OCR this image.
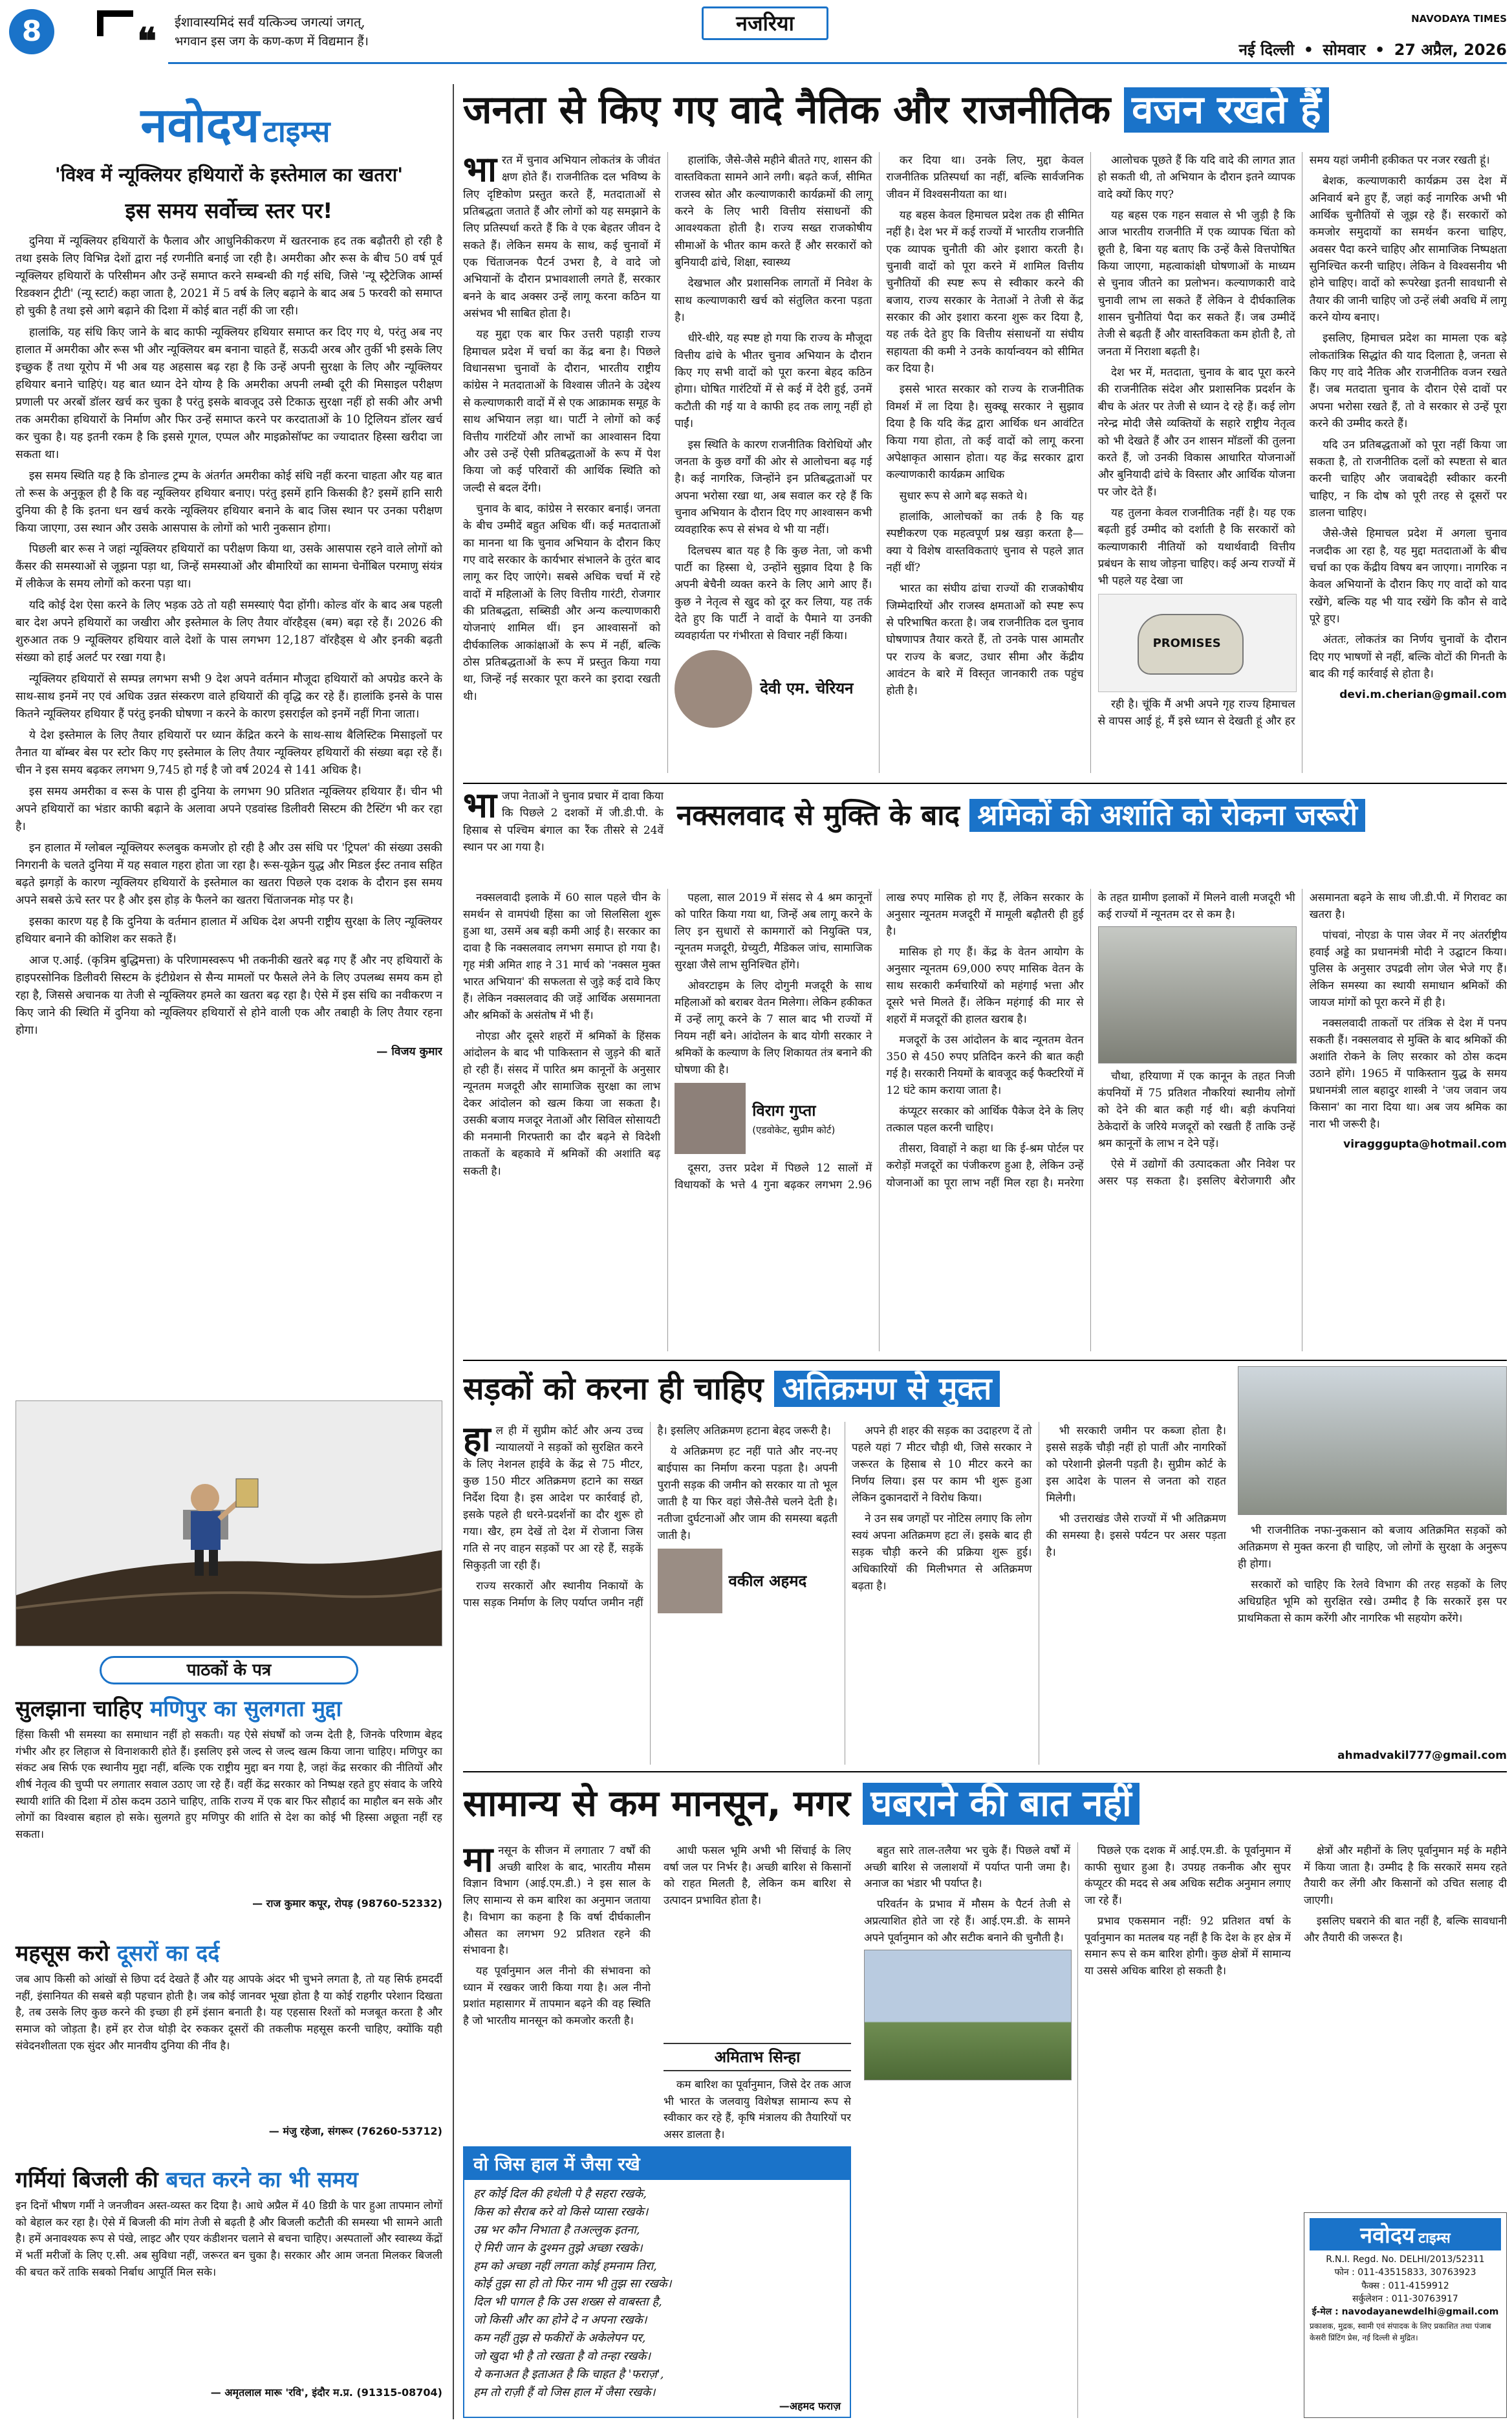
8	❝ ईशावास्यमिदं सर्वं यत्किञ्च जगत्यां जगत्,
भगवान इस जग के कण-कण में विद्यमान हैं।
नजरिया	NAVODAYA TIMES
नई दिल्ली • सोमवार • 27 अप्रैल, 2026
नवोदय टाइम्स
'विश्व में न्यूक्लियर हथियारों के इस्तेमाल का खतरा'
इस समय सर्वोच्च स्तर पर!

दुनिया में न्यूक्लियर हथियारों के फैलाव और आधुनिकीकरण में खतरनाक हद तक बढ़ौतरी हो रही है तथा इसके लिए विभिन्न देशों द्वारा नई रणनीति बनाई जा रही है। अमरीका और रूस के बीच 50 वर्ष पूर्व न्यूक्लियर हथियारों के परिसीमन और उन्हें समाप्त करने सम्बन्धी की गई संधि, जिसे 'न्यू स्ट्रैटेजिक आर्म्स रिडक्शन ट्रीटी' (न्यू स्टार्ट) कहा जाता है, 2021 में 5 वर्ष के लिए बढ़ाने के बाद अब 5 फरवरी को समाप्त हो चुकी है तथा इसे आगे बढ़ाने की दिशा में कोई बात नहीं की जा रही।

हालांकि, यह संधि किए जाने के बाद काफी न्यूक्लियर हथियार समाप्त कर दिए गए थे, परंतु अब नए हालात में अमरीका और रूस भी और न्यूक्लियर बम बनाना चाहते हैं, सऊदी अरब और तुर्की भी इसके लिए इच्छुक हैं तथा यूरोप में भी अब यह अहसास बढ़ रहा है कि उन्हें अपनी सुरक्षा के लिए और न्यूक्लियर हथियार बनाने चाहिएं। यह बात ध्यान देने योग्य है कि अमरीका अपनी लम्बी दूरी की मिसाइल परीक्षण प्रणाली पर अरबों डॉलर खर्च कर चुका है परंतु इसके बावजूद उसे टिकाऊ सुरक्षा नहीं हो सकी और अभी तक अमरीका हथियारों के निर्माण और फिर उन्हें समाप्त करने पर करदाताओं के 10 ट्रिलियन डॉलर खर्च कर चुका है। यह इतनी रकम है कि इससे गूगल, एप्पल और माइक्रोसॉफ्ट का ज्यादातर हिस्सा खरीदा जा सकता था।

इस समय स्थिति यह है कि डोनाल्ड ट्रम्प के अंतर्गत अमरीका कोई संधि नहीं करना चाहता और यह बात तो रूस के अनुकूल ही है कि वह न्यूक्लियर हथियार बनाए। परंतु इसमें हानि किसकी है? इसमें हानि सारी दुनिया की है कि इतना धन खर्च करके न्यूक्लियर हथियार बनाने के बाद जिस स्थान पर उनका परीक्षण किया जाएगा, उस स्थान और उसके आसपास के लोगों को भारी नुकसान होगा।

पिछली बार रूस ने जहां न्यूक्लियर हथियारों का परीक्षण किया था, उसके आसपास रहने वाले लोगों को कैंसर की समस्याओं से जूझना पड़ा था, जिन्हें समस्याओं और बीमारियों का सामना चेर्नोबिल परमाणु संयंत्र में लीकेज के समय लोगों को करना पड़ा था।

यदि कोई देश ऐसा करने के लिए भड़क उठे तो यही समस्याएं पैदा होंगी। कोल्ड वॉर के बाद अब पहली बार देश अपने हथियारों का जखीरा और इस्तेमाल के लिए तैयार वॉरहैड्स (बम) बढ़ा रहे हैं। 2026 की शुरुआत तक 9 न्यूक्लियर हथियार वाले देशों के पास लगभग 12,187 वॉरहैड्स थे और इनकी बढ़ती संख्या को हाई अलर्ट पर रखा गया है।

न्यूक्लियर हथियारों से सम्पन्न लगभग सभी 9 देश अपने वर्तमान मौजूदा हथियारों को अपग्रेड करने के साथ-साथ इनमें नए एवं अधिक उन्नत संस्करण वाले हथियारों की वृद्धि कर रहे हैं। हालांकि इनसे के पास कितने न्यूक्लियर हथियार हैं परंतु इनकी घोषणा न करने के कारण इसराईल को इनमें नहीं गिना जाता।

ये देश इस्तेमाल के लिए तैयार हथियारों पर ध्यान केंद्रित करने के साथ-साथ बैलिस्टिक मिसाइलों पर तैनात या बॉम्बर बेस पर स्टोर किए गए इस्तेमाल के लिए तैयार न्यूक्लियर हथियारों की संख्या बढ़ा रहे हैं। चीन ने इस समय बढ़कर लगभग 9,745 हो गई है जो वर्ष 2024 से 141 अधिक है।

इस समय अमरीका व रूस के पास ही दुनिया के लगभग 90 प्रतिशत न्यूक्लियर हथियार हैं। चीन भी अपने हथियारों का भंडार काफी बढ़ाने के अलावा अपने एडवांस्ड डिलीवरी सिस्टम की टैस्टिंग भी कर रहा है।

इन हालात में ग्लोबल न्यूक्लियर रूलबुक कमजोर हो रही है और उस संधि पर 'ट्रिपल' की संख्या उसकी निगरानी के चलते दुनिया में यह सवाल गहरा होता जा रहा है। रूस-यूक्रेन युद्ध और मिडल ईस्ट तनाव सहित बढ़ते झगड़ों के कारण न्यूक्लियर हथियारों के इस्तेमाल का खतरा पिछले एक दशक के दौरान इस समय अपने सबसे ऊंचे स्तर पर है और इस होड़ के फैलने का खतरा चिंताजनक मोड़ पर है।

इसका कारण यह है कि दुनिया के वर्तमान हालात में अधिक देश अपनी राष्ट्रीय सुरक्षा के लिए न्यूक्लियर हथियार बनाने की कोशिश कर सकते हैं।

आज ए.आई. (कृत्रिम बुद्धिमत्ता) के परिणामस्वरूप भी तकनीकी खतरे बढ़ गए हैं और नए हथियारों के हाइपरसोनिक डिलीवरी सिस्टम के इंटीग्रेशन से सैन्य मामलों पर फैसले लेने के लिए उपलब्ध समय कम हो रहा है, जिससे अचानक या तेजी से न्यूक्लियर हमले का खतरा बढ़ रहा है। ऐसे में इस संधि का नवीकरण न किए जाने की स्थिति में दुनिया को न्यूक्लियर हथियारों से होने वाली एक और तबाही के लिए तैयार रहना होगा।

— विजय कुमार

पाठकों के पत्र
सुलझाना चाहिए मणिपुर का सुलगता मुद्दा
हिंसा किसी भी समस्या का समाधान नहीं हो सकती। यह ऐसे संघर्षों को जन्म देती है, जिनके परिणाम बेहद गंभीर और हर लिहाज से विनाशकारी होते हैं। इसलिए इसे जल्द से जल्द खत्म किया जाना चाहिए। मणिपुर का संकट अब सिर्फ एक स्थानीय मुद्दा नहीं, बल्कि एक राष्ट्रीय मुद्दा बन गया है, जहां केंद्र सरकार की नीतियों और शीर्ष नेतृत्व की चुप्पी पर लगातार सवाल उठाए जा रहे हैं। वहीं केंद्र सरकार को निष्पक्ष रहते हुए संवाद के जरिये स्थायी शांति की दिशा में ठोस कदम उठाने चाहिए, ताकि राज्य में एक बार फिर सौहार्द का माहौल बन सके और लोगों का विश्वास बहाल हो सके। सुलगते हुए मणिपुर की शांति से देश का कोई भी हिस्सा अछूता नहीं रह सकता।
— राज कुमार कपूर, रोपड़ (98760-52332)
महसूस करो दूसरों का दर्द
जब आप किसी को आंखों से छिपा दर्द देखते हैं और यह आपके अंदर भी चुभने लगता है, तो यह सिर्फ हमदर्दी नहीं, इंसानियत की सबसे बड़ी पहचान होती है। जब कोई जानवर भूखा होता है या कोई राहगीर परेशान दिखता है, तब उसके लिए कुछ करने की इच्छा ही हमें इंसान बनाती है। यह एहसास रिश्तों को मजबूत करता है और समाज को जोड़ता है। हमें हर रोज थोड़ी देर रुककर दूसरों की तकलीफ महसूस करनी चाहिए, क्योंकि यही संवेदनशीलता एक सुंदर और मानवीय दुनिया की नींव है।
— मंजु रहेजा, संगरूर (76260-53712)
गर्मियां बिजली की बचत करने का भी समय
इन दिनों भीषण गर्मी ने जनजीवन अस्त-व्यस्त कर दिया है। आधे अप्रैल में 40 डिग्री के पार हुआ तापमान लोगों को बेहाल कर रहा है। ऐसे में बिजली की मांग तेजी से बढ़ती है और बिजली कटौती की समस्या भी सामने आती है। हमें अनावश्यक रूप से पंखे, लाइट और एयर कंडीशनर चलाने से बचना चाहिए। अस्पतालों और स्वास्थ्य केंद्रों में भर्ती मरीजों के लिए ए.सी. अब सुविधा नहीं, जरूरत बन चुका है। सरकार और आम जनता मिलकर बिजली की बचत करें ताकि सबको निर्बाध आपूर्ति मिल सके।
— अमृतलाल मारू 'रवि', इंदौर म.प्र. (91315-08704)
जनता से किए गए वादे नैतिक और राजनीतिक वजन रखते हैं
भा रत में चुनाव अभियान लोकतंत्र के जीवंत क्षण होते हैं। राजनीतिक दल भविष्य के लिए दृष्टिकोण प्रस्तुत करते हैं, मतदाताओं से प्रतिबद्धता जताते हैं और लोगों को यह समझाने के लिए प्रतिस्पर्धा करते हैं कि वे एक बेहतर जीवन दे सकते हैं। लेकिन समय के साथ, कई चुनावों में एक चिंताजनक पैटर्न उभरा है, वे वादे जो अभियानों के दौरान प्रभावशाली लगते हैं, सरकार बनने के बाद अक्सर उन्हें लागू करना कठिन या असंभव भी साबित होता है।

यह मुद्दा एक बार फिर उत्तरी पहाड़ी राज्य हिमाचल प्रदेश में चर्चा का केंद्र बना है। पिछले विधानसभा चुनावों के दौरान, भारतीय राष्ट्रीय कांग्रेस ने मतदाताओं के विश्वास जीतने के उद्देश्य से कल्याणकारी वादों में से एक आक्रामक समूह के साथ अभियान लड़ा था। पार्टी ने लोगों को कई वित्तीय गारंटियों और लाभों का आश्वासन दिया और उसे उन्हें ऐसी प्रतिबद्धताओं के रूप में पेश किया जो कई परिवारों की आर्थिक स्थिति को जल्दी से बदल देंगी।

चुनाव के बाद, कांग्रेस ने सरकार बनाई। जनता के बीच उम्मीदें बहुत अधिक थीं। कई मतदाताओं का मानना था कि चुनाव अभियान के दौरान किए गए वादे सरकार के कार्यभार संभालने के तुरंत बाद लागू कर दिए जाएंगे। सबसे अधिक चर्चा में रहे वादों में महिलाओं के लिए वित्तीय गारंटी, रोजगार की प्रतिबद्धता, सब्सिडी और अन्य कल्याणकारी योजनाएं शामिल थीं। इन आश्वासनों को दीर्घकालिक आकांक्षाओं के रूप में नहीं, बल्कि ठोस प्रतिबद्धताओं के रूप में प्रस्तुत किया गया था, जिन्हें नई सरकार पूरा करने का इरादा रखती थी।

हालांकि, जैसे-जैसे महीने बीतते गए, शासन की वास्तविकता सामने आने लगी। बढ़ते कर्ज, सीमित राजस्व स्रोत और कल्याणकारी कार्यक्रमों की लागू करने के लिए भारी वित्तीय संसाधनों की आवश्यकता होती है। राज्य सख्त राजकोषीय सीमाओं के भीतर काम करते हैं और सरकारों को बुनियादी ढांचे, शिक्षा, स्वास्थ्य

देखभाल और प्रशासनिक लागतों में निवेश के साथ कल्याणकारी खर्च को संतुलित करना पड़ता है।

धीरे-धीरे, यह स्पष्ट हो गया कि राज्य के मौजूदा वित्तीय ढांचे के भीतर चुनाव अभियान के दौरान किए गए सभी वादों को पूरा करना बेहद कठिन होगा। घोषित गारंटियों में से कई में देरी हुई, उनमें कटौती की गई या वे काफी हद तक लागू नहीं हो पाईं।

इस स्थिति के कारण राजनीतिक विरोधियों और जनता के कुछ वर्गों की ओर से आलोचना बढ़ गई है। कई नागरिक, जिन्होंने इन प्रतिबद्धताओं पर अपना भरोसा रखा था, अब सवाल कर रहे हैं कि चुनाव अभियान के दौरान दिए गए आश्वासन कभी व्यवहारिक रूप से संभव थे भी या नहीं।

दिलचस्प बात यह है कि कुछ नेता, जो कभी पार्टी का हिस्सा थे, उन्होंने सुझाव दिया है कि अपनी बेचैनी व्यक्त करने के लिए आगे आए हैं। कुछ ने नेतृत्व से खुद को दूर कर लिया, यह तर्क देते हुए कि पार्टी ने वादों के पैमाने या उनकी व्यवहार्यता पर गंभीरता से विचार नहीं किया।

देवी एम. चेरियन

कर दिया था। उनके लिए, मुद्दा केवल राजनीतिक प्रतिस्पर्धा का नहीं, बल्कि सार्वजनिक जीवन में विश्वसनीयता का था।

यह बहस केवल हिमाचल प्रदेश तक ही सीमित नहीं है। देश भर में कई राज्यों में भारतीय राजनीति एक व्यापक चुनौती की ओर इशारा करती है। चुनावी वादों को पूरा करने में शामिल वित्तीय चुनौतियों की स्पष्ट रूप से स्वीकार करने की बजाय, राज्य सरकार के नेताओं ने तेजी से केंद्र सरकार की ओर इशारा करना शुरू कर दिया है, यह तर्क देते हुए कि वित्तीय संसाधनों या संघीय सहायता की कमी ने उनके कार्यान्वयन को सीमित कर दिया है।

इससे भारत सरकार को राज्य के राजनीतिक विमर्श में ला दिया है। सुक्खू सरकार ने सुझाव दिया है कि यदि केंद्र द्वारा आर्थिक धन आवंटित किया गया होता, तो कई वादों को लागू करना अपेक्षाकृत आसान होता। यह केंद्र सरकार द्वारा कल्याणकारी कार्यक्रम आधिक

सुधार रूप से आगे बढ़ सकते थे।

हालांकि, आलोचकों का तर्क है कि यह स्पष्टीकरण एक महत्वपूर्ण प्रश्न खड़ा करता है—क्या ये विशेष वास्तविकताएं चुनाव से पहले ज्ञात नहीं थीं?

भारत का संघीय ढांचा राज्यों की राजकोषीय जिम्मेदारियों और राजस्व क्षमताओं को स्पष्ट रूप से परिभाषित करता है। जब राजनीतिक दल चुनाव घोषणापत्र तैयार करते हैं, तो उनके पास आमतौर पर राज्य के बजट, उधार सीमा और केंद्रीय आवंटन के बारे में विस्तृत जानकारी तक पहुंच होती है।

आलोचक पूछते हैं कि यदि वादे की लागत ज्ञात हो सकती थी, तो अभियान के दौरान इतने व्यापक वादे क्यों किए गए?

यह बहस एक गहन सवाल से भी जुड़ी है कि आज भारतीय राजनीति में एक व्यापक चिंता को छूती है, बिना यह बताए कि उन्हें कैसे वित्तपोषित किया जाएगा, महत्वाकांक्षी घोषणाओं के माध्यम से चुनाव जीतने का प्रलोभन। कल्याणकारी वादे चुनावी लाभ ला सकते हैं लेकिन वे दीर्घकालिक शासन चुनौतियां पैदा कर सकते हैं। जब उम्मीदें तेजी से बढ़ती हैं और वास्तविकता कम होती है, तो जनता में निराशा बढ़ती है।

देश भर में, मतदाता, चुनाव के बाद पूरा करने की राजनीतिक संदेश और प्रशासनिक प्रदर्शन के बीच के अंतर पर तेजी से ध्यान दे रहे हैं। कई लोग नरेन्द्र मोदी जैसे व्यक्तियों के सहारे राष्ट्रीय नेतृत्व को भी देखते हैं और उन शासन मॉडलों की तुलना करते हैं, जो उनकी विकास आधारित योजनाओं और बुनियादी ढांचे के विस्तार और आर्थिक योजना पर जोर देते हैं।

यह तुलना केवल राजनीतिक नहीं है। यह एक बढ़ती हुई उम्मीद को दर्शाती है कि सरकारों को कल्याणकारी नीतियों को यथार्थवादी वित्तीय प्रबंधन के साथ जोड़ना चाहिए। कई अन्य राज्यों में भी पहले यह देखा जा

PROMISES

रही है। चूंकि मैं अभी अपने गृह राज्य हिमाचल से वापस आई हूं, मैं इसे ध्यान से देखती हूं और हर समय यहां जमीनी हकीकत पर नजर रखती हूं।

बेशक, कल्याणकारी कार्यक्रम उस देश में अनिवार्य बने हुए हैं, जहां कई नागरिक अभी भी आर्थिक चुनौतियों से जूझ रहे हैं। सरकारों को कमजोर समुदायों का समर्थन करना चाहिए, अवसर पैदा करने चाहिए और सामाजिक निष्पक्षता सुनिश्चित करनी चाहिए। लेकिन वे विश्वसनीय भी होने चाहिए। वादों को रूपरेखा इतनी सावधानी से तैयार की जानी चाहिए जो उन्हें लंबी अवधि में लागू करने योग्य बनाए।

इसलिए, हिमाचल प्रदेश का मामला एक बड़े लोकतांत्रिक सिद्धांत की याद दिलाता है, जनता से किए गए वादे नैतिक और राजनीतिक वजन रखते हैं। जब मतदाता चुनाव के दौरान ऐसे दावों पर अपना भरोसा रखते हैं, तो वे सरकार से उन्हें पूरा करने की उम्मीद करते हैं।

यदि उन प्रतिबद्धताओं को पूरा नहीं किया जा सकता है, तो राजनीतिक दलों को स्पष्टता से बात करनी चाहिए और जवाबदेही स्वीकार करनी चाहिए, न कि दोष को पूरी तरह से दूसरों पर डालना चाहिए।

जैसे-जैसे हिमाचल प्रदेश में अगला चुनाव नजदीक आ रहा है, यह मुद्दा मतदाताओं के बीच चर्चा का एक केंद्रीय विषय बन जाएगा। नागरिक न केवल अभियानों के दौरान किए गए वादों को याद रखेंगे, बल्कि यह भी याद रखेंगे कि कौन से वादे पूरे हुए।

अंततः, लोकतंत्र का निर्णय चुनावों के दौरान दिए गए भाषणों से नहीं, बल्कि वोटों की गिनती के बाद की गई कार्रवाई से होता है।

devi.m.cherian@gmail.com
भा जपा नेताओं ने चुनाव प्रचार में दावा किया कि पिछले 2 दशकों में जी.डी.पी. के हिसाब से पश्चिम बंगाल का रैंक तीसरे से 24वें स्थान पर आ गया है।
नक्सलवाद से मुक्ति के बाद श्रमिकों की अशांति को रोकना जरूरी

नक्सलवादी इलाके में 60 साल पहले चीन के समर्थन से वामपंथी हिंसा का जो सिलसिला शुरू हुआ था, उसमें अब बड़ी कमी आई है। सरकार का दावा है कि नक्सलवाद लगभग समाप्त हो गया है। गृह मंत्री अमित शाह ने 31 मार्च को 'नक्सल मुक्त भारत अभियान' की सफलता से जुड़े कई दावे किए हैं। लेकिन नक्सलवाद की जड़ें आर्थिक असमानता और श्रमिकों के असंतोष में भी हैं।

नोएडा और दूसरे शहरों में श्रमिकों के हिंसक आंदोलन के बाद भी पाकिस्तान से जुड़ने की बातें हो रही हैं। संसद में पारित श्रम कानूनों के अनुसार न्यूनतम मजदूरी और सामाजिक सुरक्षा का लाभ देकर आंदोलन को खत्म किया जा सकता है। उसकी बजाय मजदूर नेताओं और सिविल सोसायटी की मनमानी गिरफ्तारी का दौर बढ़ने से विदेशी ताकतों के बहकावे में श्रमिकों की अशांति बढ़ सकती है।

पहला, साल 2019 में संसद से 4 श्रम कानूनों को पारित किया गया था, जिन्हें अब लागू करने के लिए इन सुधारों से कामगारों को नियुक्ति पत्र, न्यूनतम मजदूरी, ग्रेच्युटी, मैडिकल जांच, सामाजिक सुरक्षा जैसे लाभ सुनिश्चित होंगे।

ओवरटाइम के लिए दोगुनी मजदूरी के साथ महिलाओं को बराबर वेतन मिलेगा। लेकिन हकीकत में उन्हें लागू करने के 7 साल बाद भी राज्यों में नियम नहीं बने। आंदोलन के बाद योगी सरकार ने श्रमिकों के कल्याण के लिए शिकायत तंत्र बनाने की घोषणा की है।

विराग गुप्ता
(एडवोकेट, सुप्रीम कोर्ट)

दूसरा, उत्तर प्रदेश में पिछले 12 सालों में विधायकों के भत्ते 4 गुना बढ़कर लगभग 2.96 लाख रुपए मासिक हो गए हैं, लेकिन सरकार के अनुसार न्यूनतम मजदूरी में मामूली बढ़ौतरी ही हुई है।

मासिक हो गए हैं। केंद्र के वेतन आयोग के अनुसार न्यूनतम 69,000 रुपए मासिक वेतन के साथ सरकारी कर्मचारियों को महंगाई भत्ता और दूसरे भत्ते मिलते हैं। लेकिन महंगाई की मार से शहरों में मजदूरों की हालत खराब है।

मजदूरों के उस आंदोलन के बाद न्यूनतम वेतन 350 से 450 रुपए प्रतिदिन करने की बात कही गई है। सरकारी नियमों के बावजूद कई फैक्टरियों में 12 घंटे काम कराया जाता है।

कंप्यूटर सरकार को आर्थिक पैकेज देने के लिए तत्काल पहल करनी चाहिए।

तीसरा, विवाहों ने कहा था कि ई-श्रम पोर्टल पर करोड़ों मजदूरों का पंजीकरण हुआ है, लेकिन उन्हें योजनाओं का पूरा लाभ नहीं मिल रहा है। मनरेगा के तहत ग्रामीण इलाकों में मिलने वाली मजदूरी भी कई राज्यों में न्यूनतम दर से कम है।

चौथा, हरियाणा में एक कानून के तहत निजी कंपनियों में 75 प्रतिशत नौकरियां स्थानीय लोगों को देने की बात कही गई थी। बड़ी कंपनियां ठेकेदारों के जरिये मजदूरों को रखती हैं ताकि उन्हें श्रम कानूनों के लाभ न देने पड़ें।

ऐसे में उद्योगों की उत्पादकता और निवेश पर असर पड़ सकता है। इसलिए बेरोजगारी और असमानता बढ़ने के साथ जी.डी.पी. में गिरावट का खतरा है।

पांचवां, नोएडा के पास जेवर में नए अंतर्राष्ट्रीय हवाई अड्डे का प्रधानमंत्री मोदी ने उद्घाटन किया। पुलिस के अनुसार उपद्रवी लोग जेल भेजे गए हैं। लेकिन समस्या का स्थायी समाधान श्रमिकों की जायज मांगों को पूरा करने में ही है।

नक्सलवादी ताकतों पर तंत्रिक से देश में पनप सकती हैं। नक्सलवाद से मुक्ति के बाद श्रमिकों की अशांति रोकने के लिए सरकार को ठोस कदम उठाने होंगे। 1965 में पाकिस्तान युद्ध के समय प्रधानमंत्री लाल बहादुर शास्त्री ने 'जय जवान जय किसान' का नारा दिया था। अब जय श्रमिक का नारा भी जरूरी है।

viragggupta@hotmail.com
सड़कों को करना ही चाहिए अतिक्रमण से मुक्त
हा ल ही में सुप्रीम कोर्ट और अन्य उच्च न्यायालयों ने सड़कों को सुरक्षित करने के लिए नेशनल हाईवे के केंद्र से 75 मीटर, कुछ 150 मीटर अतिक्रमण हटाने का सख्त निर्देश दिया है। इस आदेश पर कार्रवाई हो, इसके पहले ही धरने-प्रदर्शनों का दौर शुरू हो गया। खैर, हम देखें तो देश में रोजाना जिस गति से नए वाहन सड़कों पर आ रहे हैं, सड़कें सिकुड़ती जा रही हैं।

राज्य सरकारों और स्थानीय निकायों के पास सड़क निर्माण के लिए पर्याप्त जमीन नहीं है। इसलिए अतिक्रमण हटाना बेहद जरूरी है।

ये अतिक्रमण हट नहीं पाते और नए-नए बाईपास का निर्माण करना पड़ता है। अपनी पुरानी सड़क की जमीन को सरकार या तो भूल जाती है या फिर वहां जैसे-तैसे चलने देती है। नतीजा दुर्घटनाओं और जाम की समस्या बढ़ती जाती है।

वकील अहमद

अपने ही शहर की सड़क का उदाहरण दें तो पहले यहां 7 मीटर चौड़ी थी, जिसे सरकार ने जरूरत के हिसाब से 10 मीटर करने का निर्णय लिया। इस पर काम भी शुरू हुआ लेकिन दुकानदारों ने विरोध किया।

ने उन सब जगहों पर नोटिस लगाए कि लोग स्वयं अपना अतिक्रमण हटा लें। इसके बाद ही सड़क चौड़ी करने की प्रक्रिया शुरू हुई। अधिकारियों की मिलीभगत से अतिक्रमण बढ़ता है।

भी सरकारी जमीन पर कब्जा होता है। इससे सड़कें चौड़ी नहीं हो पातीं और नागरिकों को परेशानी झेलनी पड़ती है। सुप्रीम कोर्ट के इस आदेश के पालन से जनता को राहत मिलेगी।

भी उत्तराखंड जैसे राज्यों में भी अतिक्रमण की समस्या है। इससे पर्यटन पर असर पड़ता है।

भी राजनीतिक नफा-नुकसान को बजाय अतिक्रमित सड़कों को अतिक्रमण से मुक्त करना ही चाहिए, जो लोगों के सुरक्षा के अनुरूप ही होगा।

सरकारों को चाहिए कि रेलवे विभाग की तरह सड़कों के लिए अधिग्रहित भूमि को सुरक्षित रखे। उम्मीद है कि सरकारें इस पर प्राथमिकता से काम करेंगी और नागरिक भी सहयोग करेंगे।

ahmadvakil777@gmail.com
सामान्य से कम मानसून, मगर घबराने की बात नहीं
मा नसून के सीजन में लगातार 7 वर्षों की अच्छी बारिश के बाद, भारतीय मौसम विज्ञान विभाग (आई.एम.डी.) ने इस साल के लिए सामान्य से कम बारिश का अनुमान जताया है। विभाग का कहना है कि वर्षा दीर्घकालीन औसत का लगभग 92 प्रतिशत रहने की संभावना है।

यह पूर्वानुमान अल नीनो की संभावना को ध्यान में रखकर जारी किया गया है। अल नीनो प्रशांत महासागर में तापमान बढ़ने की वह स्थिति है जो भारतीय मानसून को कमजोर करती है।

आधी फसल भूमि अभी भी सिंचाई के लिए वर्षा जल पर निर्भर है। अच्छी बारिश से किसानों को राहत मिलती है, लेकिन कम बारिश से उत्पादन प्रभावित होता है।

अमिताभ सिन्हा

कम बारिश का पूर्वानुमान, जिसे देर तक आज भी भारत के जलवायु विशेषज्ञ सामान्य रूप से स्वीकार कर रहे हैं, कृषि मंत्रालय की तैयारियों पर असर डालता है।

वो जिस हाल में जैसा रखे
हर कोई दिल की हथेली पे है सहरा रखके,
किस को सैराब करे वो किसे प्यासा रखके।
उम्र भर कौन निभाता है तअल्लुक इतना,
ऐ मिरी जान के दुश्मन तुझे अच्छा रखके।
हम को अच्छा नहीं लगता कोई हमनाम तिरा,
कोई तुझ सा हो तो फिर नाम भी तुझ सा रखके।
दिल भी पागल है कि उस शख्स से वाबस्ता है,
जो किसी और का होने दे न अपना रखके।
कम नहीं तुझ से फकीरों के अकेलेपन पर,
जो खुदा भी है तो रखता है वो तन्हा रखके।
ये कनाअत है इताअत है कि चाहत है 'फराज़',
हम तो राज़ी हैं वो जिस हाल में जैसा रखके।
—अहमद फराज़

बहुत सारे ताल-तलैया भर चुके हैं। पिछले वर्षों में अच्छी बारिश से जलाशयों में पर्याप्त पानी जमा है। अनाज का भंडार भी पर्याप्त है।

परिवर्तन के प्रभाव में मौसम के पैटर्न तेजी से अप्रत्याशित होते जा रहे हैं। आई.एम.डी. के सामने अपने पूर्वानुमान को और सटीक बनाने की चुनौती है।

पिछले एक दशक में आई.एम.डी. के पूर्वानुमान में काफी सुधार हुआ है। उपग्रह तकनीक और सुपर कंप्यूटर की मदद से अब अधिक सटीक अनुमान लगाए जा रहे हैं।

प्रभाव एकसमान नहीं: 92 प्रतिशत वर्षा के पूर्वानुमान का मतलब यह नहीं है कि देश के हर क्षेत्र में समान रूप से कम बारिश होगी। कुछ क्षेत्रों में सामान्य या उससे अधिक बारिश हो सकती है।

क्षेत्रों और महीनों के लिए पूर्वानुमान मई के महीने में किया जाता है। उम्मीद है कि सरकारें समय रहते तैयारी कर लेंगी और किसानों को उचित सलाह दी जाएगी।

इसलिए घबराने की बात नहीं है, बल्कि सावधानी और तैयारी की जरूरत है।

नवोदय टाइम्स
R.N.I. Regd. No. DELHI/2013/52311
फोन : 011-43515833, 30763923
फैक्स : 011-4159912
सर्कुलेशन : 011-30763917
ई-मेल : navodayanewdelhi@gmail.com
प्रकाशक, मुद्रक, स्वामी एवं संपादक के लिए प्रकाशित तथा पंजाब केसरी प्रिंटिंग प्रेस, नई दिल्ली से मुद्रित।
